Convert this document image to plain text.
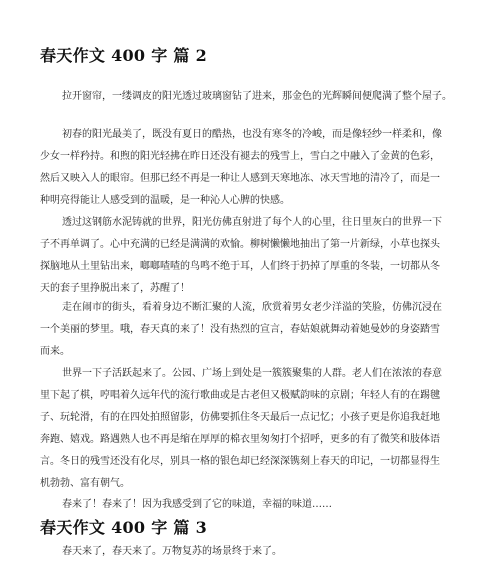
春天作文 400 字 篇 2
拉开窗帘，一缕调皮的阳光透过玻璃窗钻了进来，那金色的光辉瞬间便爬满了整个屋子。
初春的阳光最美了，既没有夏日的酷热，也没有寒冬的冷峻，而是像轻纱一样柔和，像
少女一样矜持。和煦的阳光轻拂在昨日还没有褪去的残雪上，雪白之中融入了金黄的色彩，
然后又映入人的眼帘。但那已经不再是一种让人感到天寒地冻、冰天雪地的清冷了，而是一
种明亮得能让人感受到的温暖，是一种沁人心脾的快感。
透过这钢筋水泥铸就的世界，阳光仿佛直射进了每个人的心里，往日里灰白的世界一下
子不再单调了。心中充满的已经是满满的欢愉。柳树懒懒地抽出了第一片新绿，小草也探头
探脑地从土里钻出来，啷啷喳喳的鸟鸣不绝于耳，人们终于扔掉了厚重的冬装，一切都从冬
天的套子里挣脱出来了，苏醒了！
走在闹市的街头，看着身边不断汇聚的人流，欣赏着男女老少洋溢的笑脸，仿佛沉浸在
一个美丽的梦里。哦，春天真的来了！没有热烈的宣言，春姑娘就舞动着她曼妙的身姿踏雪
而来。
世界一下子活跃起来了。公园、广场上到处是一簇簇聚集的人群。老人们在浓浓的春意
里下起了棋，哼唱着久远年代的流行歌曲或是古老但又极赋韵味的京剧；年轻人有的在踢毽
子、玩轮滑，有的在四处拍照留影，仿佛要抓住冬天最后一点记忆；小孩子更是你追我赶地
奔跑、嬉戏。路遇熟人也不再是缩在厚厚的棉衣里匆匆打个招呼，更多的有了微笑和肢体语
言。冬日的残雪还没有化尽，别具一格的银色却已经深深镌刻上春天的印记，一切都显得生
机勃勃、富有朝气。
春来了！春来了！因为我感受到了它的味道，幸福的味道……
春天作文 400 字 篇 3
春天来了，春天来了。万物复苏的场景终于来了。
